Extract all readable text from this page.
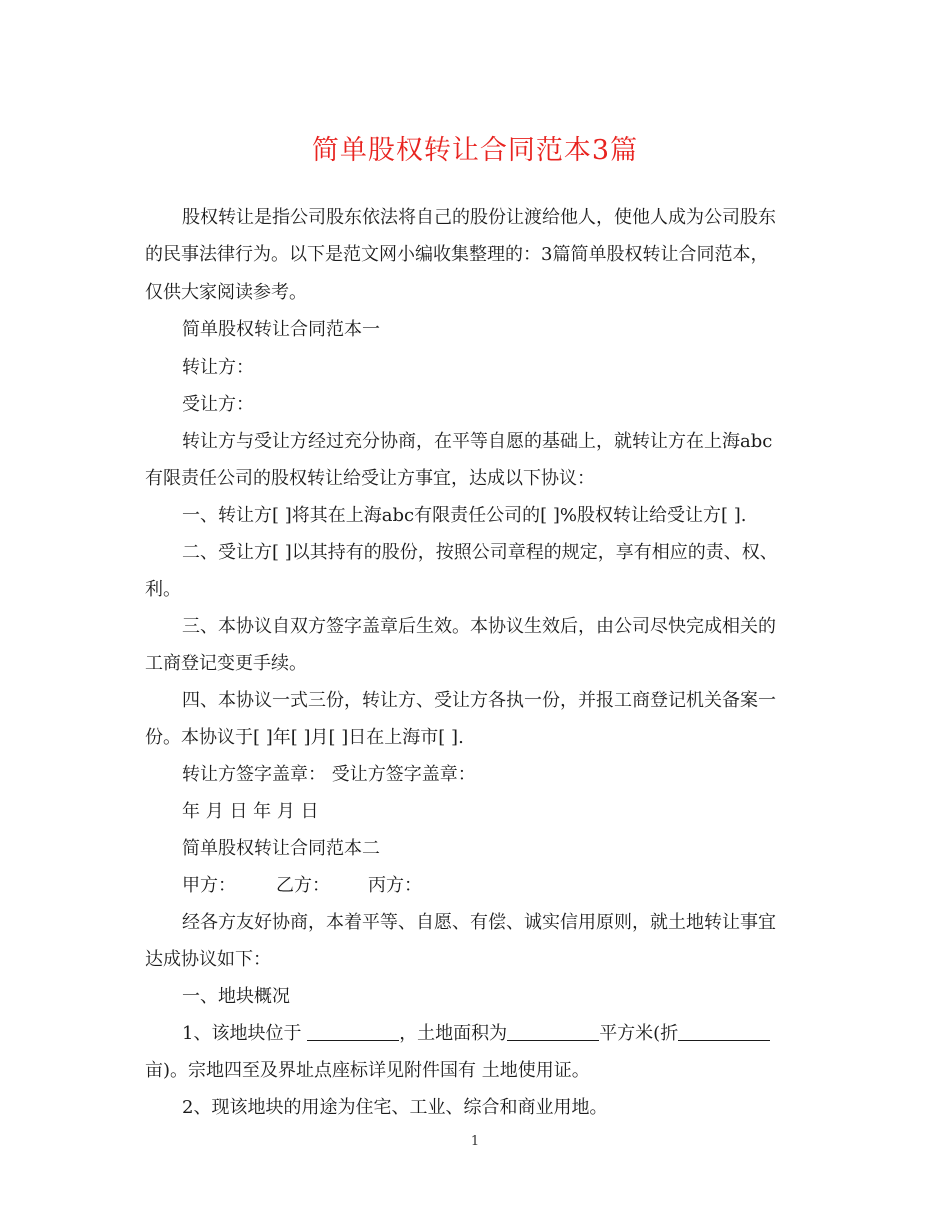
简单股权转让合同范本3篇
股权转让是指公司股东依法将自己的股份让渡给他人，使他人成为公司股东
的民事法律行为。以下是范文网小编收集整理的：3篇简单股权转让合同范本，
仅供大家阅读参考。
简单股权转让合同范本一
转让方：
受让方：
转让方与受让方经过充分协商，在平等自愿的基础上，就转让方在上海abc
有限责任公司的股权转让给受让方事宜，达成以下协议：
一、转让方[ ]将其在上海abc有限责任公司的[ ]%股权转让给受让方[ ].
二、受让方[ ]以其持有的股份，按照公司章程的规定，享有相应的责、权、
利。
三、本协议自双方签字盖章后生效。本协议生效后，由公司尽快完成相关的
工商登记变更手续。
四、本协议一式三份，转让方、受让方各执一份，并报工商登记机关备案一
份。本协议于[ ]年[ ]月[ ]日在上海市[ ].
转让方签字盖章： 受让方签字盖章：
年 月 日 年 月 日
简单股权转让合同范本二
甲方： 乙方： 丙方：
经各方友好协商，本着平等、自愿、有偿、诚实信用原则，就土地转让事宜
达成协议如下：
一、地块概况
1、该地块位于	，土地面积为	平方米(折
亩)。宗地四至及界址点座标详见附件国有 土地使用证。
2、现该地块的用途为住宅、工业、综合和商业用地。
1
